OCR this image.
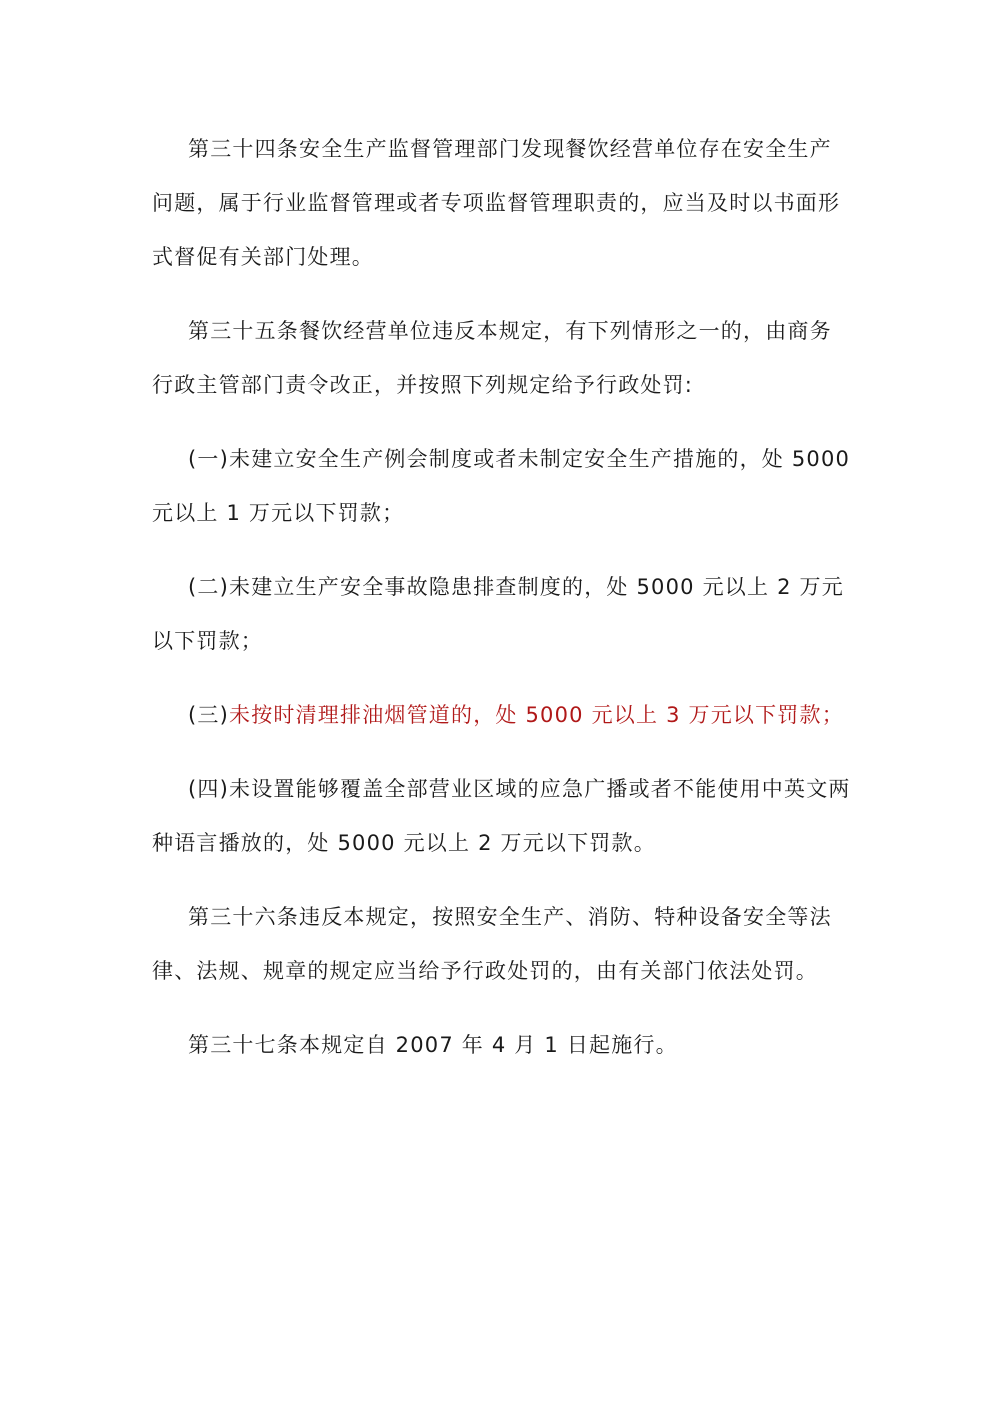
第三十四条安全生产监督管理部门发现餐饮经营单位存在安全生产问题，属于行业监督管理或者专项监督管理职责的，应当及时以书面形式督促有关部门处理。

第三十五条餐饮经营单位违反本规定，有下列情形之一的，由商务行政主管部门责令改正，并按照下列规定给予行政处罚:

(一)未建立安全生产例会制度或者未制定安全生产措施的，处 5000 元以上 1 万元以下罚款；

(二)未建立生产安全事故隐患排查制度的，处 5000 元以上 2 万元以下罚款；

(三)未按时清理排油烟管道的，处 5000 元以上 3 万元以下罚款；

(四)未设置能够覆盖全部营业区域的应急广播或者不能使用中英文两种语言播放的，处 5000 元以上 2 万元以下罚款。

第三十六条违反本规定，按照安全生产、消防、特种设备安全等法律、法规、规章的规定应当给予行政处罚的，由有关部门依法处罚。

第三十七条本规定自 2007 年 4 月 1 日起施行。
